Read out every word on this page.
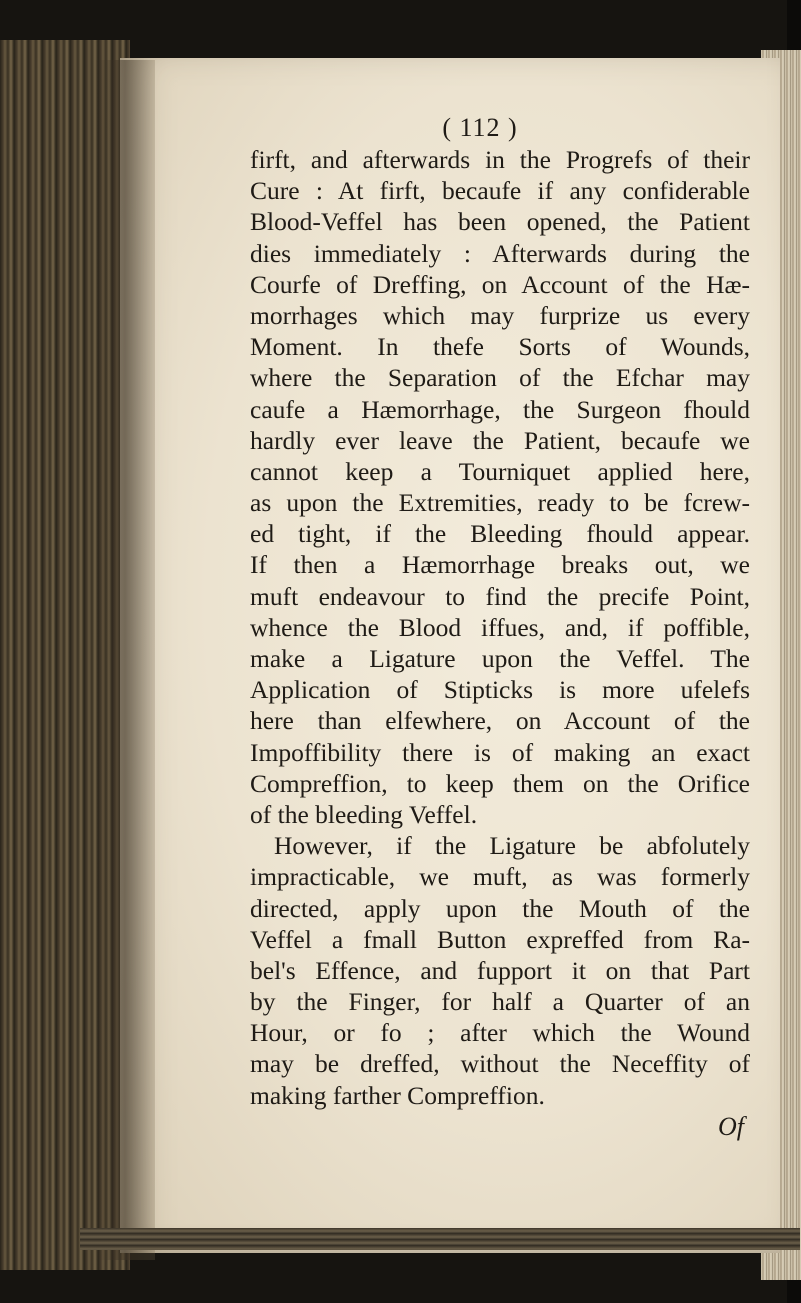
( 112 )
firft, and afterwards in the Progrefs of their
Cure : At firft, becaufe if any confiderable
Blood-Veffel has been opened, the Patient
dies immediately : Afterwards during the
Courfe of Dreffing, on Account of the Hæ-
morrhages which may furprize us every
Moment. In thefe Sorts of Wounds,
where the Separation of the Efchar may
caufe a Hæmorrhage, the Surgeon fhould
hardly ever leave the Patient, becaufe we
cannot keep a Tourniquet applied here,
as upon the Extremities, ready to be fcrew-
ed tight, if the Bleeding fhould appear.
If then a Hæmorrhage breaks out, we
muft endeavour to find the precife Point,
whence the Blood iffues, and, if poffible,
make a Ligature upon the Veffel. The
Application of Stipticks is more ufelefs
here than elfewhere, on Account of the
Impoffibility there is of making an exact
Compreffion, to keep them on the Orifice
of the bleeding Veffel.
However, if the Ligature be abfolutely
impracticable, we muft, as was formerly
directed, apply upon the Mouth of the
Veffel a fmall Button expreffed from Ra-
bel's Effence, and fupport it on that Part
by the Finger, for half a Quarter of an
Hour, or fo ; after which the Wound
may be dreffed, without the Neceffity of
making farther Compreffion.
Of
